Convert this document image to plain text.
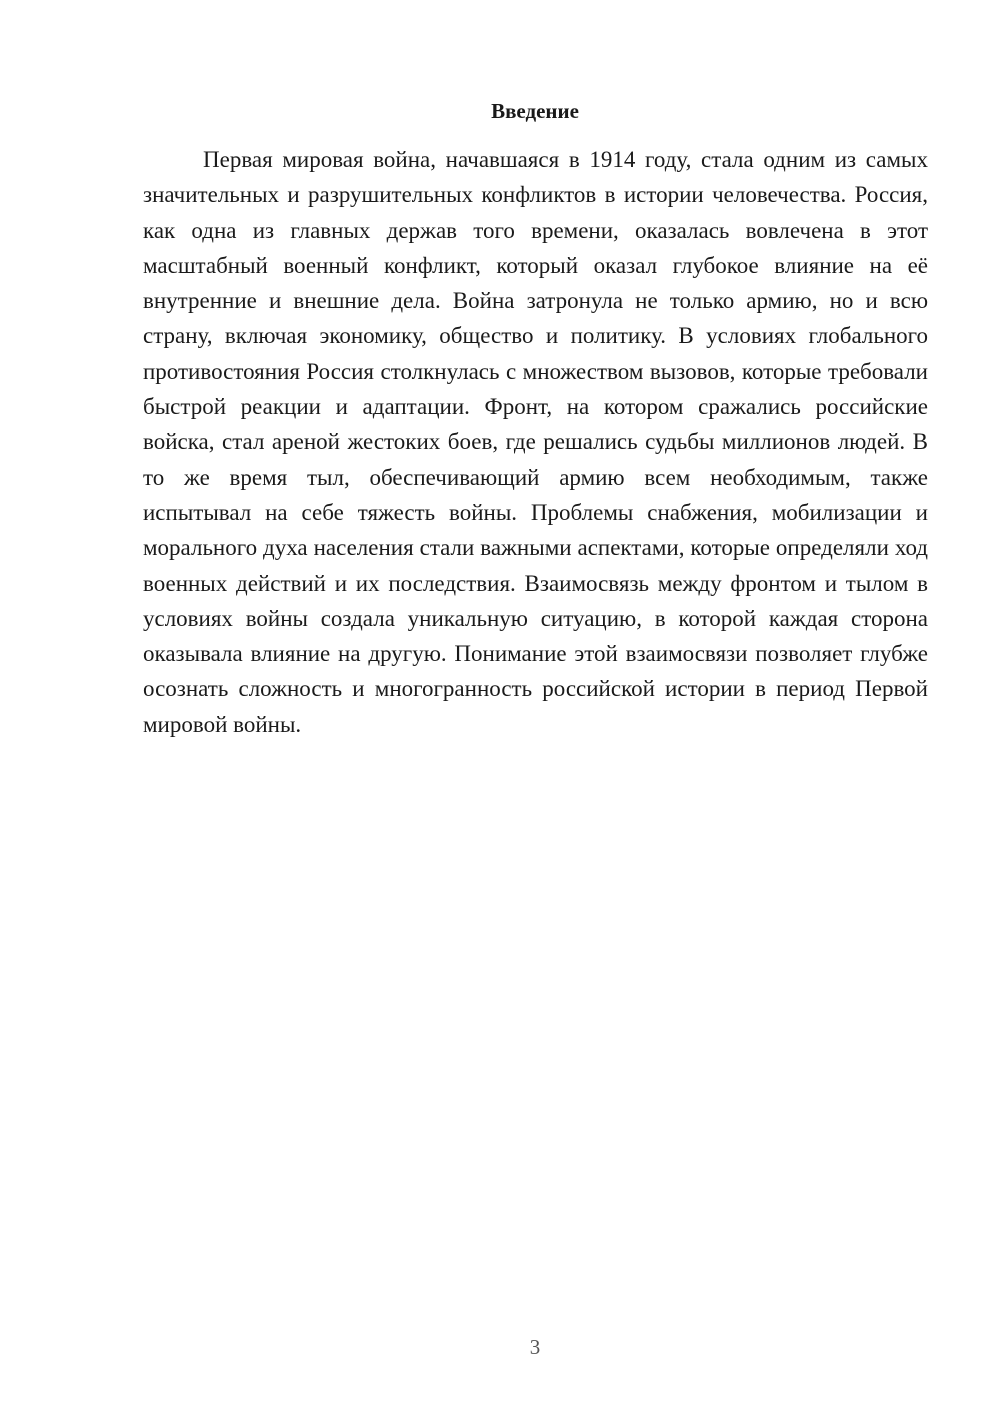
Введение

Первая мировая война, начавшаяся в 1914 году, стала одним из самых значительных и разрушительных конфликтов в истории человечества. Россия, как одна из главных держав того времени, оказалась вовлечена в этот масштабный военный конфликт, который оказал глубокое влияние на её внутренние и внешние дела. Война затронула не только армию, но и всю страну, включая экономику, общество и политику. В условиях глобального противостояния Россия столкнулась с множеством вызовов, которые требовали быстрой реакции и адаптации. Фронт, на котором сражались российские войска, стал ареной жестоких боев, где решались судьбы миллионов людей. В то же время тыл, обеспечивающий армию всем необходимым, также испытывал на себе тяжесть войны. Проблемы снабжения, мобилизации и морального духа населения стали важными аспектами, которые определяли ход военных действий и их последствия. Взаимосвязь между фронтом и тылом в условиях войны создала уникальную ситуацию, в которой каждая сторона оказывала влияние на другую. Понимание этой взаимосвязи позволяет глубже осознать сложность и многогранность российской истории в период Первой мировой войны.

3
